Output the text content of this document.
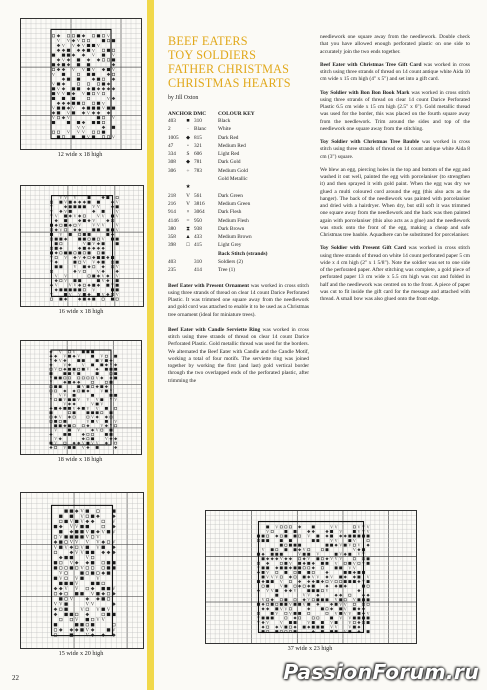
V
V
V
V
V
V
V
V
V
V
V
V
V
V
V
V
V
V
V
V
V
V
V
V
V
V
V
V
V
V
V
V
V
V
V
V
V
V
V
V
12 wide x 18 high
V
V
V
V
V
V
V
V
V
V
V
V
V
V
V
V
V
V
V
V
V
V
V
V
V
V
V
V
V
V
V
V
V
V
V
V
V
V
V
V
V
V
V
V
V
V
V
V
V
V
V
V
V
V
V
16 wide x 18 high
V
V
V
V
V
V
V
V
V
V
V
V
V
V
V
V
V
V
V
V
V
V
V
V
V
V
V
V
V
V
V
V
V
V
V
V
V
V
V
V
V
V
V
V
V
V
V
V
V
V
V
V
V
V
18 wide x 18 high
V
V
V
V
V
V
V
V
V
V
V
V
V
V
V
V
V
V
V
V
V
V
V
V
V
V
V
V
V
V
V
V
V
V
V
V
V
V
V
V
V
V
V
V
V
V
V
V
V
V
15 wide x 20 high
V
V
V
V
V
V
V
V
V
V
V
V
V
V
V
V
V
V
V
V
V
V
V
V
V
V
V
V
V
V
V
V
V
V
V
V
V
V
V
V
V
V
V
V
V
V
V
V
V
V
V
V
V
V
V
V
V
V
V
V
V
V
V
V
V
V
V
V
V
V
V
V
V
V
V
V
V
V
V
V
V
V
V
V
V
V
V
37 wide x 23 high
BEEF EATERS
TOY SOLDIERS
FATHER CHRISTMAS
CHRISTMAS HEARTS
by Jill Oxton
ANCHOR DMC	COLOUR KEY
403	■ 310	Black
2	· Blanc	White
1005	◆ 815	Dark Red
47	▫ 321	Medium Red
334	S 606	Light Red
308	◆ 781	Dark Gold
306	÷ 783	Medium Gold
Gold Metallic
★
218	V 561	Dark Green
216	V 3816	Medium Green
914	× 3064	Dark Flesh
4146	= 950	Medium Flesh
380	⧗ 938	Dark Brown
358	▲ 433	Medium Brown
398	□ 415	Light Grey
Back Stitch (strands)
403	310	Soldiers (2)
235	414	Tree (1)
Beef Eater with Present Ornament was worked in cross stitch using three strands of thread on clear 14 count Darice Perforated Plastic. It was trimmed one square away from the needlework and gold cord was attached to enable it to be used as a Christmas tree ornament (ideal for miniature trees).
Beef Eater with Candle Serviette Ring was worked in cross stitch using three strands of thread on clear 14 count Darice Perforated Plastic. Gold metallic thread was used for the borders. We alternated the Beef Eater with Candle and the Candle Motif, working a total of four motifs. The serviette ring was joined together by working the first (and last) gold vertical border through the two overlapped ends of the perforated plastic, after trimming the
needlework one square away from the needlework. Double check that you have allowed enough perforated plastic on one side to accurately join the two ends together.
Beef Eater with Christmas Tree Gift Card was worked in cross stitch using three strands of thread on 14 count antique white Aida 10 cm wide x 15 cm high (4" x 5") and set into a gift card.
Toy Soldier with Bon Bon Book Mark was worked in cross stitch using three strands of thread on clear 14 count Darice Perforated Plastic 6.5 cm wide x 15 cm high (2.5" x 6"). Gold metallic thread was used for the border, this was placed on the fourth square away from the needlework. Trim around the sides and top of the needlework one square away from the stitching.
Toy Soldier with Christmas Tree Bauble was worked in cross stitch using three strands of thread on 14 count antique white Aida 8 cm (3") square.
We blew an egg, piercing holes in the top and bottom of the egg and washed it out well, painted the egg with porcelaniser (to strengthen it) and then sprayed it with gold paint. When the egg was dry we glued a multi coloured cord around the egg (this also acts as the hanger). The back of the needlework was painted with porcelaniser and dried with a hairdryer. When dry, but still soft it was trimmed one square away from the needlework and the back was then painted again with porcelaniser (this also acts as a glue) and the needlework was stuck onto the front of the egg, making a cheap and safe Christmas tree bauble. Aquadhere can be substituted for porcelaniser.
Toy Soldier with Present Gift Card was worked in cross stitch using three strands of thread on white 14 count perforated paper 5 cm wide x 4 cm high (2" x 1 5/8"). Note the soldier was set to one side of the perforated paper. After stitching was complete, a gold piece of perforated paper 13 cm wide x 5.5 cm high was cut and folded in half and the needlework was centred on to the front. A piece of paper was cut to fit inside the gift card for the message and attached with thread. A small bow was also glued onto the front edge.
22	PassionForum.ru
